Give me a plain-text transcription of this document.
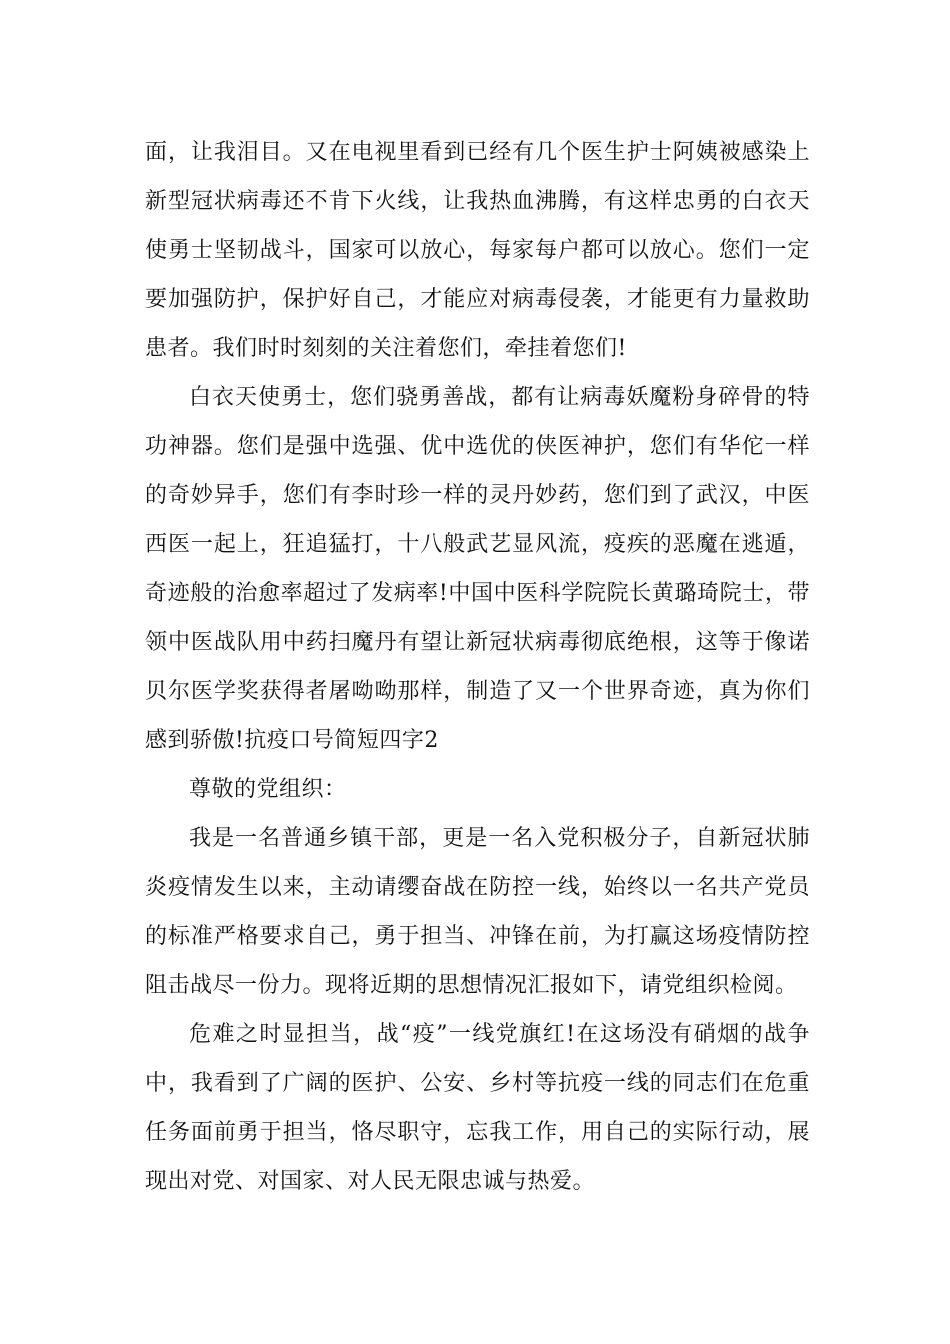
面，让我泪目。又在电视里看到已经有几个医生护士阿姨被感染上新型冠状病毒还不肯下火线，让我热血沸腾，有这样忠勇的白衣天使勇士坚韧战斗，国家可以放心，每家每户都可以放心。您们一定要加强防护，保护好自己，才能应对病毒侵袭，才能更有力量救助患者。我们时时刻刻的关注着您们，牵挂着您们!

白衣天使勇士，您们骁勇善战，都有让病毒妖魔粉身碎骨的特功神器。您们是强中选强、优中选优的侠医神护，您们有华佗一样的奇妙异手，您们有李时珍一样的灵丹妙药，您们到了武汉，中医西医一起上，狂追猛打，十八般武艺显风流，疫疾的恶魔在逃遁，奇迹般的治愈率超过了发病率!中国中医科学院院长黄璐琦院士，带领中医战队用中药扫魔丹有望让新冠状病毒彻底绝根，这等于像诺贝尔医学奖获得者屠呦呦那样，制造了又一个世界奇迹，真为你们感到骄傲!抗疫口号简短四字2

尊敬的党组织：

我是一名普通乡镇干部，更是一名入党积极分子，自新冠状肺炎疫情发生以来，主动请缨奋战在防控一线，始终以一名共产党员的标准严格要求自己，勇于担当、冲锋在前，为打赢这场疫情防控阻击战尽一份力。现将近期的思想情况汇报如下，请党组织检阅。

危难之时显担当，战“疫”一线党旗红!在这场没有硝烟的战争中，我看到了广阔的医护、公安、乡村等抗疫一线的同志们在危重任务面前勇于担当，恪尽职守，忘我工作，用自己的实际行动，展现出对党、对国家、对人民无限忠诚与热爱。
